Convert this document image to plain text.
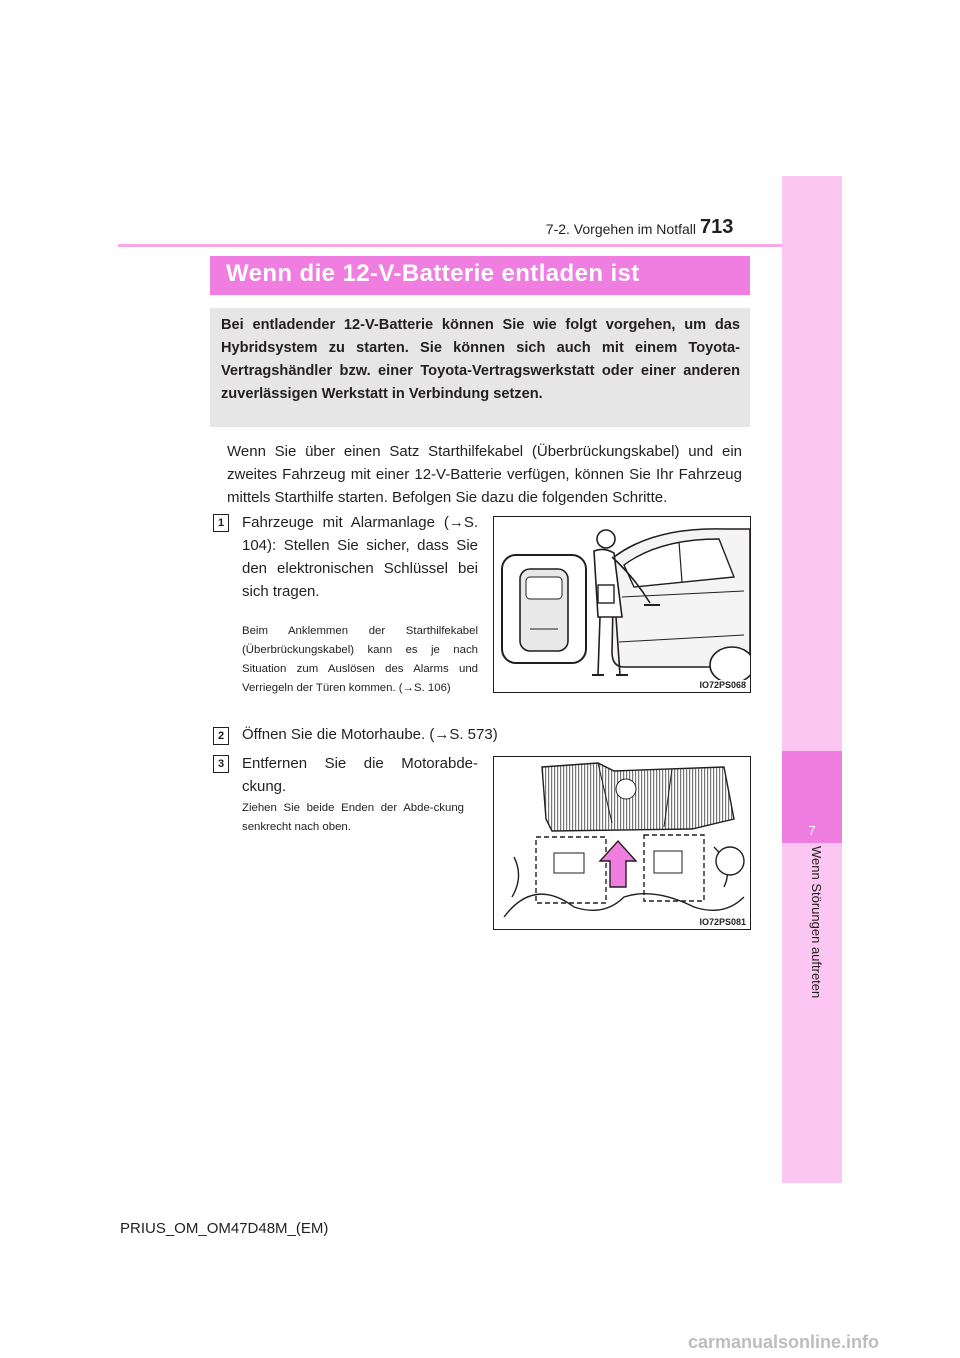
7-2. Vorgehen im Notfall 713
7
Wenn Störungen auftreten
Wenn die 12-V-Batterie entladen ist
Bei entladender 12-V-Batterie können Sie wie folgt vorgehen, um das Hybridsystem zu starten. Sie können sich auch mit einem Toyota-Vertragshändler bzw. einer Toyota-Vertragswerkstatt oder einer anderen zuverlässigen Werkstatt in Verbindung setzen.
Wenn Sie über einen Satz Starthilfekabel (Überbrückungskabel) und ein zweites Fahrzeug mit einer 12-V-Batterie verfügen, können Sie Ihr Fahrzeug mittels Starthilfe starten. Befolgen Sie dazu die folgenden Schritte.
1	Fahrzeuge mit Alarmanlage (→S. 104): Stellen Sie sicher, dass Sie den elektronischen Schlüssel bei sich tragen.
Beim Anklemmen der Starthilfekabel (Überbrückungskabel) kann es je nach Situation zum Auslösen des Alarms und Verriegeln der Türen kommen. (→S. 106)	IO72PS068
2	Öffnen Sie die Motorhaube. (→S. 573)
3	Entfernen Sie die Motorabde-ckung.
Ziehen Sie beide Enden der Abde-ckung senkrecht nach oben.
IO72PS081
PRIUS_OM_OM47D48M_(EM)
carmanualsonline.info
